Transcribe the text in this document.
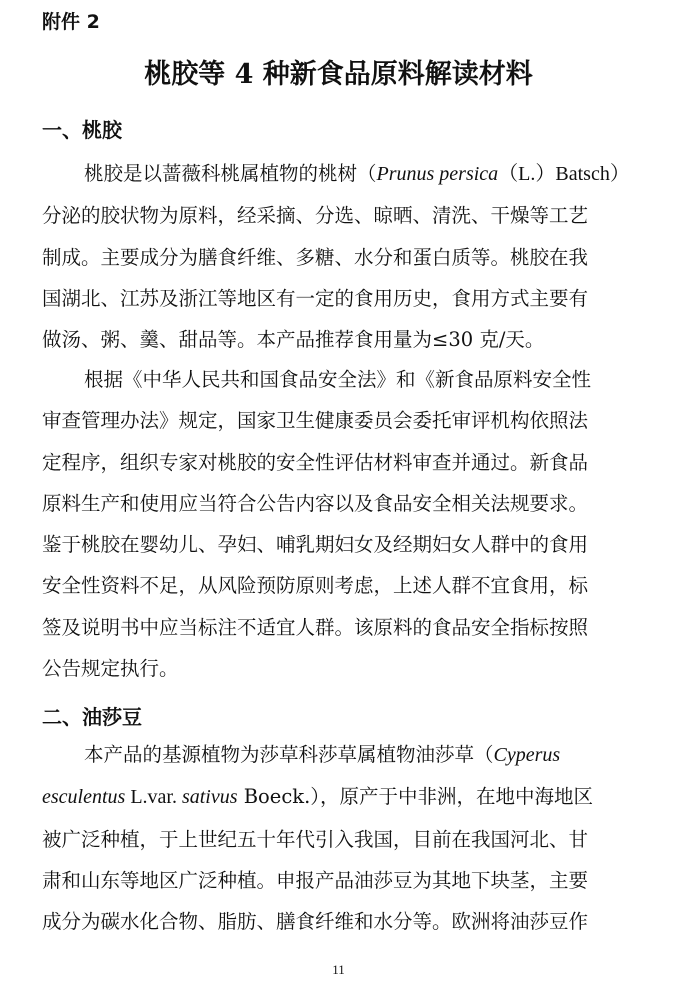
附件 2
桃胶等 4 种新食品原料解读材料
一、桃胶
桃胶是以蔷薇科桃属植物的桃树（Prunus persica（L.）Batsch）
分泌的胶状物为原料，经采摘、分选、晾晒、清洗、干燥等工艺
制成。主要成分为膳食纤维、多糖、水分和蛋白质等。桃胶在我
国湖北、江苏及浙江等地区有一定的食用历史，食用方式主要有
做汤、粥、羹、甜品等。本产品推荐食用量为≤30 克/天。
根据《中华人民共和国食品安全法》和《新食品原料安全性
审查管理办法》规定，国家卫生健康委员会委托审评机构依照法
定程序，组织专家对桃胶的安全性评估材料审查并通过。新食品
原料生产和使用应当符合公告内容以及食品安全相关法规要求。
鉴于桃胶在婴幼儿、孕妇、哺乳期妇女及经期妇女人群中的食用
安全性资料不足，从风险预防原则考虑，上述人群不宜食用，标
签及说明书中应当标注不适宜人群。该原料的食品安全指标按照
公告规定执行。
二、油莎豆
本产品的基源植物为莎草科莎草属植物油莎草（Cyperus
esculentus L.var. sativus Boeck.），原产于中非洲，在地中海地区
被广泛种植，于上世纪五十年代引入我国，目前在我国河北、甘
肃和山东等地区广泛种植。申报产品油莎豆为其地下块茎，主要
成分为碳水化合物、脂肪、膳食纤维和水分等。欧洲将油莎豆作
11
